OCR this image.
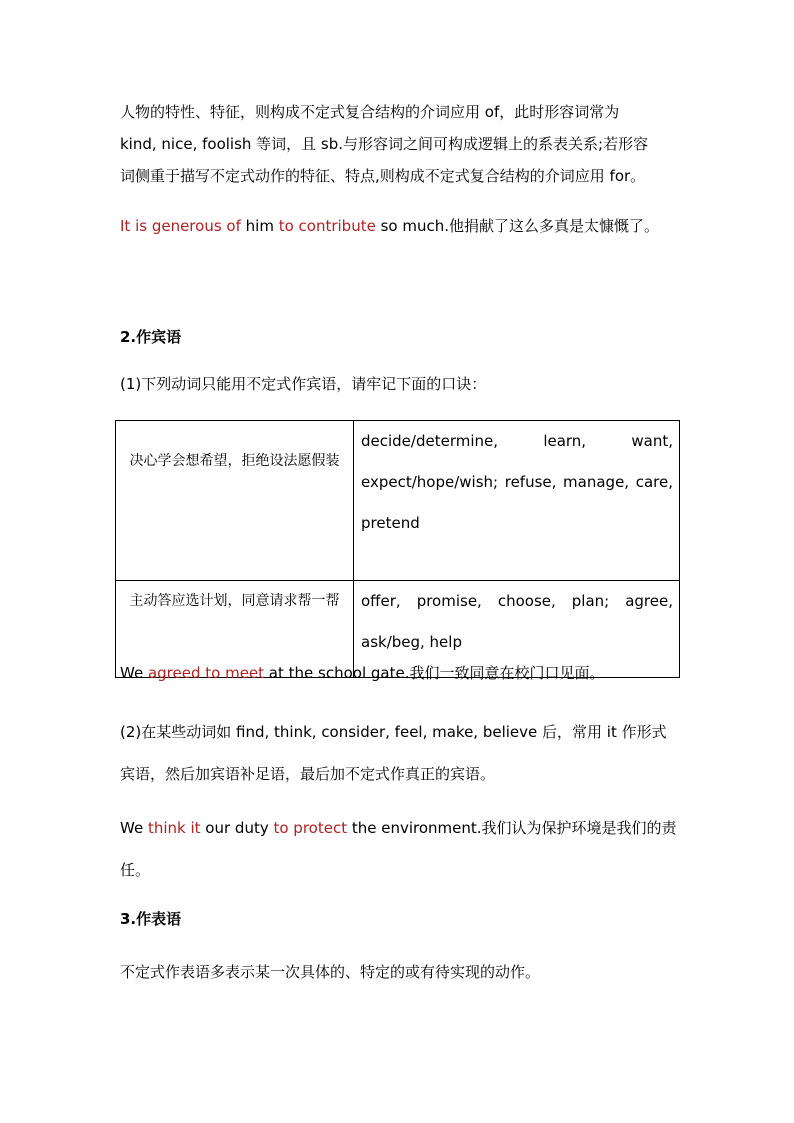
人物的特性、特征，则构成不定式复合结构的介词应用 of，此时形容词常为
kind, nice, foolish 等词，且 sb.与形容词之间可构成逻辑上的系表关系;若形容
词侧重于描写不定式动作的特征、特点,则构成不定式复合结构的介词应用 for。
It is generous of him to contribute so much.他捐献了这么多真是太慷慨了。
2.作宾语
(1)下列动词只能用不定式作宾语，请牢记下面的口诀：
决心学会想希望，拒绝设法愿假装	decide/determine, learn, want, expect/hope/wish; refuse, manage, care, pretend
主动答应选计划，同意请求帮一帮	offer, promise, choose, plan; agree, ask/beg, help
We agreed to meet at the school gate.我们一致同意在校门口见面。
(2)在某些动词如 find, think, consider, feel, make, believe 后，常用 it 作形式宾语，然后加宾语补足语，最后加不定式作真正的宾语。
We think it our duty to protect the environment.我们认为保护环境是我们的责任。
3.作表语
不定式作表语多表示某一次具体的、特定的或有待实现的动作。
